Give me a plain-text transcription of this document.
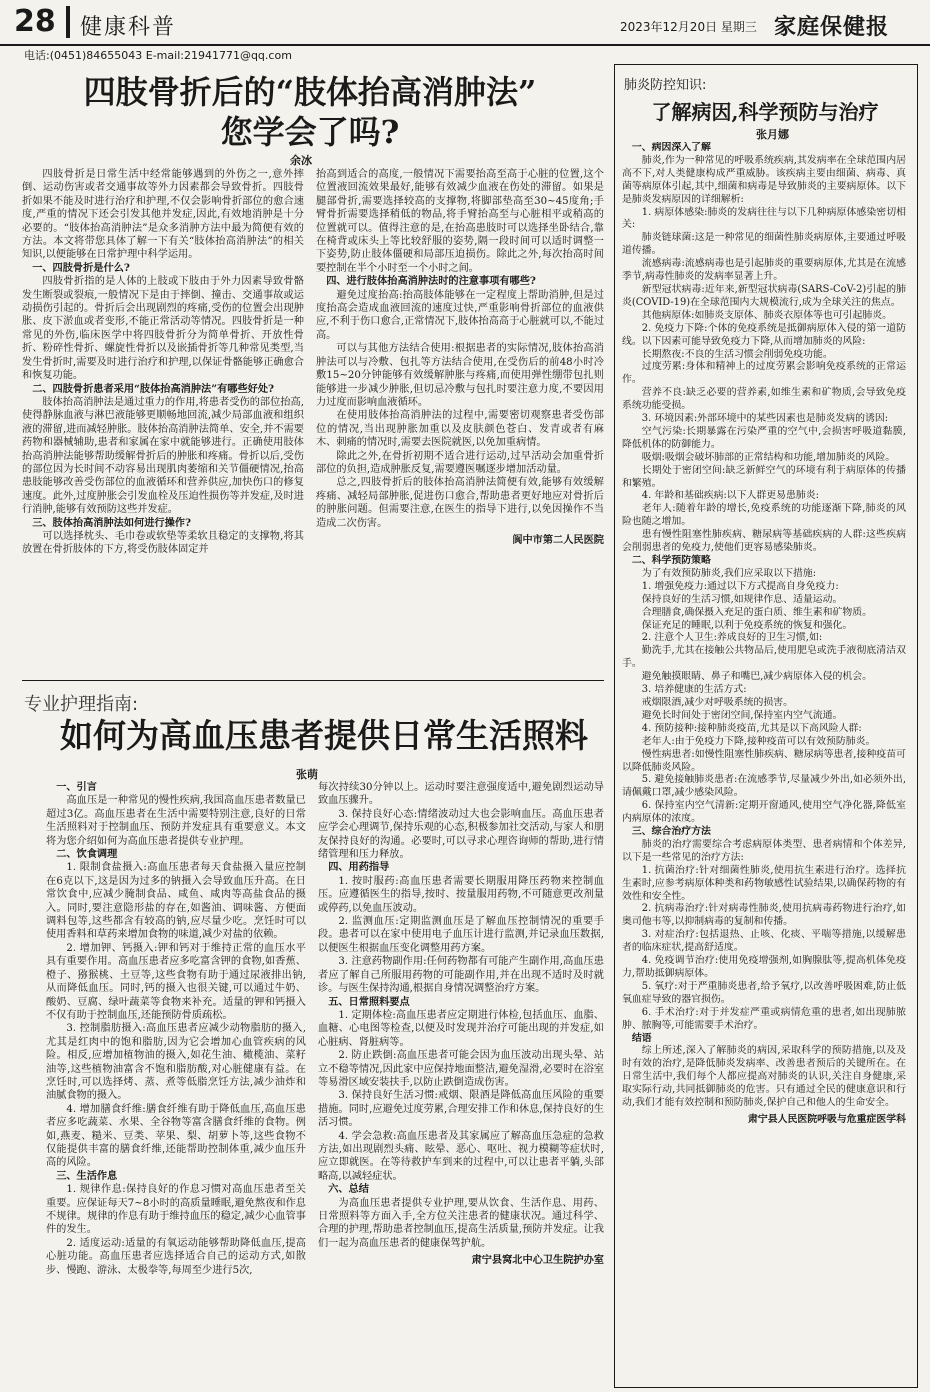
28 健康科普	2023年12月20日 星期三 家庭保健报
电话:(0451)84655043 E-mail:21941771@qq.com
四肢骨折后的“肢体抬高消肿法”
您学会了吗?
余冰

四肢骨折是日常生活中经常能够遇到的外伤之一,意外摔倒、运动伤害或者交通事故等外力因素都会导致骨折。四肢骨折如果不能及时进行治疗和护理,不仅会影响骨折部位的愈合速度,严重的情况下还会引发其他并发症,因此,有效地消肿是十分必要的。“肢体抬高消肿法”是众多消肿方法中最为简便有效的方法。本文将带您具体了解一下有关“肢体抬高消肿法”的相关知识,以便能够在日常护理中科学运用。

一、四肢骨折是什么?

四肢骨折指的是人体的上肢或下肢由于外力因素导致骨骼发生断裂或裂痕,一般情况下是由于摔倒、撞击、交通事故或运动损伤引起的。骨折后会出现剧烈的疼痛,受伤的位置会出现肿胀、皮下淤血或者变形,不能正常活动等情况。四肢骨折是一种常见的外伤,临床医学中将四肢骨折分为简单骨折、开放性骨折、粉碎性骨折、螺旋性骨折以及嵌插骨折等几种常见类型,当发生骨折时,需要及时进行治疗和护理,以保证骨骼能够正确愈合和恢复功能。

二、四肢骨折患者采用“肢体抬高消肿法”有哪些好处?

肢体抬高消肿法是通过重力的作用,将患者受伤的部位抬高,使得静脉血液与淋巴液能够更顺畅地回流,减少局部血液和组织液的滞留,进而减轻肿胀。肢体抬高消肿法简单、安全,并不需要药物和器械辅助,患者和家属在家中就能够进行。正确使用肢体抬高消肿法能够帮助缓解骨折后的肿胀和疼痛。骨折以后,受伤的部位因为长时间不动容易出现肌肉萎缩和关节僵硬情况,抬高患肢能够改善受伤部位的血液循环和营养供应,加快伤口的修复速度。此外,过度肿胀会引发血栓及压迫性损伤等并发症,及时进行消肿,能够有效预防这些并发症。

三、肢体抬高消肿法如何进行操作?

可以选择枕头、毛巾卷或软垫等柔软且稳定的支撑物,将其放置在骨折肢体的下方,将受伤肢体固定并

抬高到适合的高度,一般情况下需要抬高至高于心脏的位置,这个位置液回流效果最好,能够有效减少血液在伤处的滞留。如果是腿部骨折,需要选择较高的支撑物,将脚部垫高至30~45度角;手臂骨折需要选择稍低的物品,将手臂抬高至与心脏相平或稍高的位置就可以。值得注意的是,在抬高患肢时可以选择坐卧结合,靠在椅背或床头上等比较舒服的姿势,隔一段时间可以适时调整一下姿势,防止肢体僵硬和局部压迫损伤。除此之外,每次抬高时间要控制在半个小时至一个小时之间。

四、进行肢体抬高消肿法时的注意事项有哪些?

避免过度抬高:抬高肢体能够在一定程度上帮助消肿,但是过度抬高会造成血液回流的速度过快,严重影响骨折部位的血液供应,不利于伤口愈合,正常情况下,肢体抬高高于心脏就可以,不能过高。

可以与其他方法结合使用:根据患者的实际情况,肢体抬高消肿法可以与冷敷、包扎等方法结合使用,在受伤后的前48小时冷敷15~20分钟能够有效缓解肿胀与疼痛,而使用弹性绷带包扎则能够进一步减少肿胀,但切忌冷敷与包扎时要注意力度,不要因用力过度而影响血液循环。

在使用肢体抬高消肿法的过程中,需要密切观察患者受伤部位的情况,当出现肿胀加重以及皮肤颜色苍白、发青或者有麻木、刺痛的情况时,需要去医院就医,以免加重病情。

除此之外,在骨折初期不适合进行运动,过早活动会加重骨折部位的负担,造成肿胀反复,需要遵医嘱逐步增加活动量。

总之,四肢骨折后的肢体抬高消肿法简便有效,能够有效缓解疼痛、减轻局部肿胀,促进伤口愈合,帮助患者更好地应对骨折后的肿胀问题。但需要注意,在医生的指导下进行,以免因操作不当造成二次伤害。

阆中市第二人民医院

专业护理指南:
如何为高血压患者提供日常生活照料
张萌

一、引言

高血压是一种常见的慢性疾病,我国高血压患者数量已超过3亿。高血压患者在生活中需要特别注意,良好的日常生活照料对于控制血压、预防并发症具有重要意义。本文将为您介绍如何为高血压患者提供专业护理。

二、饮食调理

1. 限制食盐摄入:高血压患者每天食盐摄入量应控制在6克以下,这是因为过多的钠摄入会导致血压升高。在日常饮食中,应减少腌制食品、咸鱼、咸肉等高盐食品的摄入。同时,要注意隐形盐的存在,如酱油、调味酱、方便面调料包等,这些都含有较高的钠,应尽量少吃。烹饪时可以使用香料和草药来增加食物的味道,减少对盐的依赖。

2. 增加钾、钙摄入:钾和钙对于维持正常的血压水平具有重要作用。高血压患者应多吃富含钾的食物,如香蕉、橙子、猕猴桃、土豆等,这些食物有助于通过尿液排出钠,从而降低血压。同时,钙的摄入也很关键,可以通过牛奶、酸奶、豆腐、绿叶蔬菜等食物来补充。适量的钾和钙摄入不仅有助于控制血压,还能预防骨质疏松。

3. 控制脂肪摄入:高血压患者应减少动物脂肪的摄入,尤其是红肉中的饱和脂肪,因为它会增加心血管疾病的风险。相反,应增加植物油的摄入,如花生油、橄榄油、菜籽油等,这些植物油富含不饱和脂肪酸,对心脏健康有益。在烹饪时,可以选择烤、蒸、煮等低脂烹饪方法,减少油炸和油腻食物的摄入。

4. 增加膳食纤维:膳食纤维有助于降低血压,高血压患者应多吃蔬菜、水果、全谷物等富含膳食纤维的食物。例如,燕麦、糙米、豆类、苹果、梨、胡萝卜等,这些食物不仅能提供丰富的膳食纤维,还能帮助控制体重,减少血压升高的风险。

三、生活作息

1. 规律作息:保持良好的作息习惯对高血压患者至关重要。应保证每天7~8小时的高质量睡眠,避免熬夜和作息不规律。规律的作息有助于维持血压的稳定,减少心血管事件的发生。

2. 适度运动:适量的有氧运动能够帮助降低血压,提高心脏功能。高血压患者应选择适合自己的运动方式,如散步、慢跑、游泳、太极拳等,每周至少进行5次,

每次持续30分钟以上。运动时要注意强度适中,避免剧烈运动导致血压骤升。

3. 保持良好心态:情绪波动过大也会影响血压。高血压患者应学会心理调节,保持乐观的心态,积极参加社交活动,与家人和朋友保持良好的沟通。必要时,可以寻求心理咨询师的帮助,进行情绪管理和压力释放。

四、用药指导

1. 按时服药:高血压患者需要长期服用降压药物来控制血压。应遵循医生的指导,按时、按量服用药物,不可随意更改剂量或停药,以免血压波动。

2. 监测血压:定期监测血压是了解血压控制情况的重要手段。患者可以在家中使用电子血压计进行监测,并记录血压数据,以便医生根据血压变化调整用药方案。

3. 注意药物副作用:任何药物都有可能产生副作用,高血压患者应了解自己所服用药物的可能副作用,并在出现不适时及时就诊。与医生保持沟通,根据自身情况调整治疗方案。

五、日常照料要点

1. 定期体检:高血压患者应定期进行体检,包括血压、血脂、血糖、心电图等检查,以便及时发现并治疗可能出现的并发症,如心脏病、肾脏病等。

2. 防止跌倒:高血压患者可能会因为血压波动出现头晕、站立不稳等情况,因此家中应保持地面整洁,避免湿滑,必要时在浴室等易滑区域安装扶手,以防止跌倒造成伤害。

3. 保持良好生活习惯:戒烟、限酒是降低高血压风险的重要措施。同时,应避免过度劳累,合理安排工作和休息,保持良好的生活习惯。

4. 学会急救:高血压患者及其家属应了解高血压急症的急救方法,如出现剧烈头痛、眩晕、恶心、呕吐、视力模糊等症状时,应立即就医。在等待救护车到来的过程中,可以让患者平躺,头部略高,以减轻症状。

六、总结

为高血压患者提供专业护理,要从饮食、生活作息、用药、日常照料等方面入手,全方位关注患者的健康状况。通过科学、合理的护理,帮助患者控制血压,提高生活质量,预防并发症。让我们一起为高血压患者的健康保驾护航。

肃宁县窝北中心卫生院护办室

肺炎防控知识:
了解病因,科学预防与治疗
张月娜

一、病因深入了解

肺炎,作为一种常见的呼吸系统疾病,其发病率在全球范围内居高不下,对人类健康构成严重威胁。该疾病主要由细菌、病毒、真菌等病原体引起,其中,细菌和病毒是导致肺炎的主要病原体。以下是肺炎发病原因的详细解析:

1. 病原体感染:肺炎的发病往往与以下几种病原体感染密切相关:

肺炎链球菌:这是一种常见的细菌性肺炎病原体,主要通过呼吸道传播。

流感病毒:流感病毒也是引起肺炎的重要病原体,尤其是在流感季节,病毒性肺炎的发病率显著上升。

新型冠状病毒:近年来,新型冠状病毒(SARS-CoV-2)引起的肺炎(COVID-19)在全球范围内大规模流行,成为全球关注的焦点。

其他病原体:如肺炎支原体、肺炎衣原体等也可引起肺炎。

2. 免疫力下降:个体的免疫系统是抵御病原体入侵的第一道防线。以下因素可能导致免疫力下降,从而增加肺炎的风险:

长期熬夜:不良的生活习惯会削弱免疫功能。

过度劳累:身体和精神上的过度劳累会影响免疫系统的正常运作。

营养不良:缺乏必要的营养素,如维生素和矿物质,会导致免疫系统功能受损。

3. 环境因素:外部环境中的某些因素也是肺炎发病的诱因:

空气污染:长期暴露在污染严重的空气中,会损害呼吸道黏膜,降低机体的防御能力。

吸烟:吸烟会破坏肺部的正常结构和功能,增加肺炎的风险。

长期处于密闭空间:缺乏新鲜空气的环境有利于病原体的传播和繁殖。

4. 年龄和基础疾病:以下人群更易患肺炎:

老年人:随着年龄的增长,免疫系统的功能逐渐下降,肺炎的风险也随之增加。

患有慢性阻塞性肺疾病、糖尿病等基础疾病的人群:这些疾病会削弱患者的免疫力,使他们更容易感染肺炎。

二、科学预防策略

为了有效预防肺炎,我们应采取以下措施:

1. 增强免疫力:通过以下方式提高自身免疫力:

保持良好的生活习惯,如规律作息、适量运动。

合理膳食,确保摄入充足的蛋白质、维生素和矿物质。

保证充足的睡眠,以利于免疫系统的恢复和强化。

2. 注意个人卫生:养成良好的卫生习惯,如:

勤洗手,尤其在接触公共物品后,使用肥皂或洗手液彻底清洁双手。

避免触摸眼睛、鼻子和嘴巴,减少病原体入侵的机会。

3. 培养健康的生活方式:

戒烟限酒,减少对呼吸系统的损害。

避免长时间处于密闭空间,保持室内空气流通。

4. 预防接种:接种肺炎疫苗,尤其是以下高风险人群:

老年人:由于免疫力下降,接种疫苗可以有效预防肺炎。

慢性病患者:如慢性阻塞性肺疾病、糖尿病等患者,接种疫苗可以降低肺炎风险。

5. 避免接触肺炎患者:在流感季节,尽量减少外出,如必须外出,请佩戴口罩,减少感染风险。

6. 保持室内空气清新:定期开窗通风,使用空气净化器,降低室内病原体的浓度。

三、综合治疗方法

肺炎的治疗需要综合考虑病原体类型、患者病情和个体差异,以下是一些常见的治疗方法:

1. 抗菌治疗:针对细菌性肺炎,使用抗生素进行治疗。选择抗生素时,应参考病原体种类和药物敏感性试验结果,以确保药物的有效性和安全性。

2. 抗病毒治疗:针对病毒性肺炎,使用抗病毒药物进行治疗,如奥司他韦等,以抑制病毒的复制和传播。

3. 对症治疗:包括退热、止咳、化痰、平喘等措施,以缓解患者的临床症状,提高舒适度。

4. 免疫调节治疗:使用免疫增强剂,如胸腺肽等,提高机体免疫力,帮助抵御病原体。

5. 氧疗:对于严重肺炎患者,给予氧疗,以改善呼吸困难,防止低氧血症导致的器官损伤。

6. 手术治疗:对于并发症严重或病情危重的患者,如出现肺脓肿、脓胸等,可能需要手术治疗。

结语

综上所述,深入了解肺炎的病因,采取科学的预防措施,以及及时有效的治疗,是降低肺炎发病率、改善患者预后的关键所在。在日常生活中,我们每个人都应提高对肺炎的认识,关注自身健康,采取实际行动,共同抵御肺炎的危害。只有通过全民的健康意识和行动,我们才能有效控制和预防肺炎,保护自己和他人的生命安全。

肃宁县人民医院呼吸与危重症医学科
